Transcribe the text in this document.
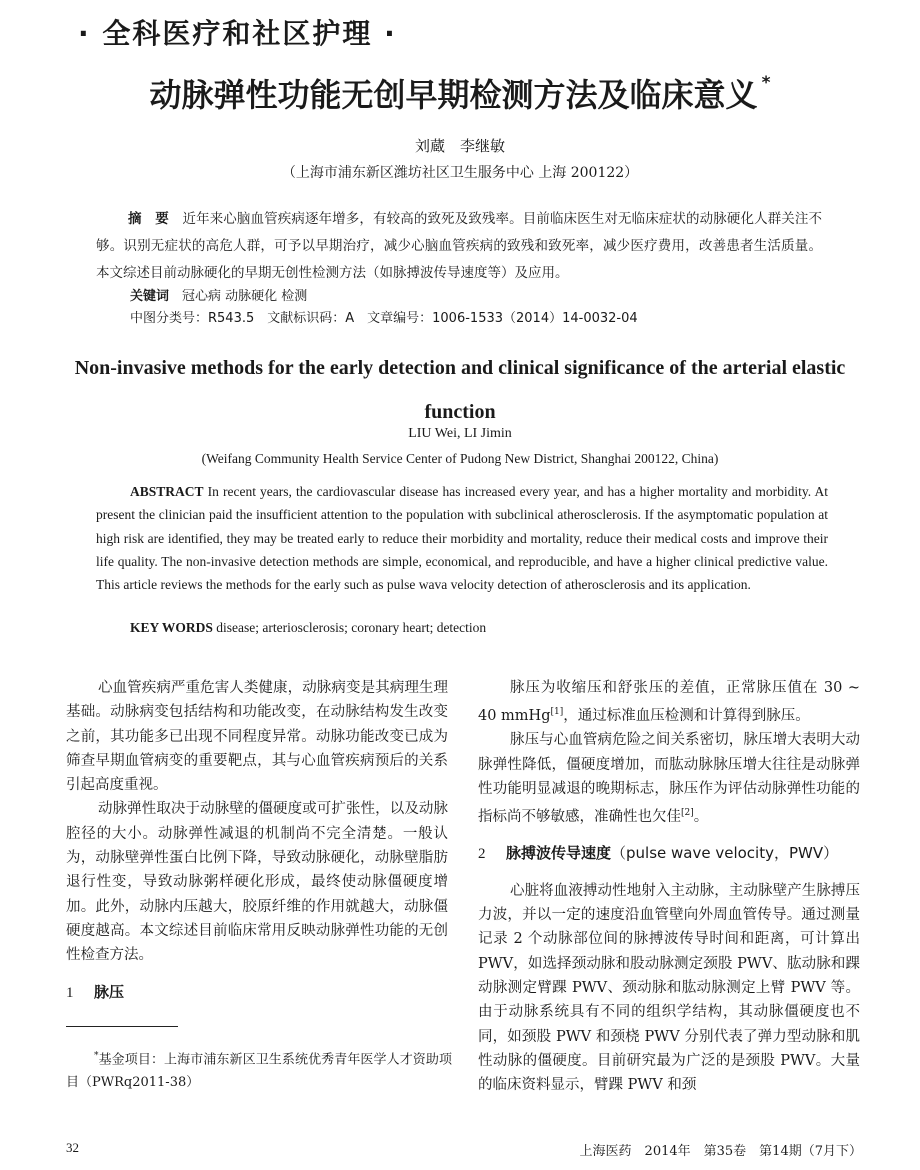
· 全科医疗和社区护理 ·
动脉弹性功能无创早期检测方法及临床意义 *
刘蔵　李继敏
（上海市浦东新区潍坊社区卫生服务中心 上海 200122）
摘　要　 近年来心脑血管疾病逐年增多，有较高的致死及致残率。目前临床医生对无临床症状的动脉硬化人群关注不够。识别无症状的高危人群，可予以早期治疗，减少心脑血管疾病的致残和致死率，减少医疗费用，改善患者生活质量。本文综述目前动脉硬化的早期无创性检测方法（如脉搏波传导速度等）及应用。
关键词　 冠心病 动脉硬化 检测
中图分类号：R543.5　文献标识码：A　文章编号：1006-1533（2014）14-0032-04
Non-invasive methods for the early detection and clinical significance of the arterial elastic function
LIU Wei, LI Jimin
(Weifang Community Health Service Center of Pudong New District, Shanghai 200122, China)
ABSTRACT In recent years, the cardiovascular disease has increased every year, and has a higher mortality and morbidity. At present the clinician paid the insufficient attention to the population with subclinical atherosclerosis. If the asymptomatic population at high risk are identified, they may be treated early to reduce their morbidity and mortality, reduce their medical costs and improve their life quality. The non-invasive detection methods are simple, economical, and reproducible, and have a higher clinical predictive value. This article reviews the methods for the early such as pulse wava velocity detection of atherosclerosis and its application.
KEY WORDS disease; arteriosclerosis; coronary heart; detection

心血管疾病严重危害人类健康，动脉病变是其病理生理基础。动脉病变包括结构和功能改变，在动脉结构发生改变之前，其功能多已出现不同程度异常。动脉功能改变已成为筛查早期血管病变的重要靶点，其与心血管疾病预后的关系引起高度重视。

动脉弹性取决于动脉壁的僵硬度或可扩张性，以及动脉腔径的大小。动脉弹性减退的机制尚不完全清楚。一般认为，动脉壁弹性蛋白比例下降，导致动脉硬化，动脉壁脂肪退行性变，导致动脉粥样硬化形成，最终使动脉僵硬度增加。此外，动脉内压越大，胶原纤维的作用就越大，动脉僵硬度越高。本文综述目前临床常用反映动脉弹性功能的无创性检查方法。

1 脉压

脉压为收缩压和舒张压的差值，正常脉压值在 30 ~ 40 mmHg[1]，通过标准血压检测和计算得到脉压。

脉压与心血管病危险之间关系密切，脉压增大表明大动脉弹性降低，僵硬度增加，而肱动脉脉压增大往往是动脉弹性功能明显减退的晚期标志，脉压作为评估动脉弹性功能的指标尚不够敏感，准确性也欠佳[2]。

2 脉搏波传导速度（pulse wave velocity，PWV）

心脏将血液搏动性地射入主动脉，主动脉壁产生脉搏压力波，并以一定的速度沿血管壁向外周血管传导。通过测量记录 2 个动脉部位间的脉搏波传导时间和距离，可计算出 PWV，如选择颈动脉和股动脉测定颈股 PWV、肱动脉和踝动脉测定臂踝 PWV、颈动脉和肱动脉测定上臂 PWV 等。由于动脉系统具有不同的组织学结构，其动脉僵硬度也不同，如颈股 PWV 和颈桡 PWV 分别代表了弹力型动脉和肌性动脉的僵硬度。目前研究最为广泛的是颈股 PWV。大量的临床资料显示，臂踝 PWV 和颈

*基金项目：上海市浦东新区卫生系统优秀青年医学人才资助项目（PWRq2011-38）
32	上海医药　2014年　第35卷　第14期（7月下）
